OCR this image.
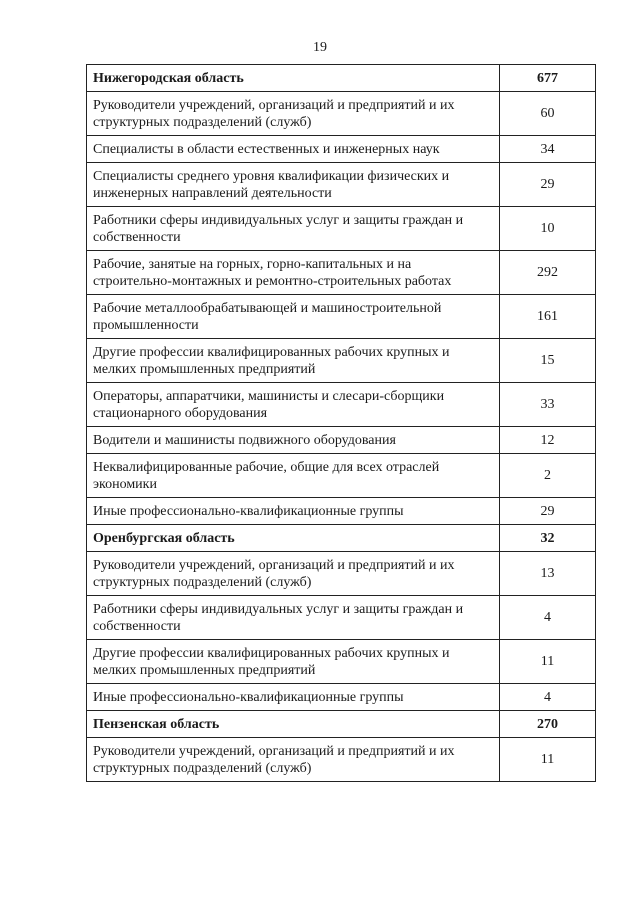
19
Нижегородская область	677
Руководители учреждений, организаций и предприятий и их структурных подразделений (служб)	60
Специалисты в области естественных и инженерных наук	34
Специалисты среднего уровня квалификации физических и инженерных направлений деятельности	29
Работники сферы индивидуальных услуг и защиты граждан и собственности	10
Рабочие, занятые на горных, горно-капитальных и на строительно-монтажных и ремонтно-строительных работах	292
Рабочие металлообрабатывающей и машиностроительной промышленности	161
Другие профессии квалифицированных рабочих крупных и мелких промышленных предприятий	15
Операторы, аппаратчики, машинисты и слесари-сборщики стационарного оборудования	33
Водители и машинисты подвижного оборудования	12
Неквалифицированные рабочие, общие для всех отраслей экономики	2
Иные профессионально-квалификационные группы	29
Оренбургская область	32
Руководители учреждений, организаций и предприятий и их структурных подразделений (служб)	13
Работники сферы индивидуальных услуг и защиты граждан и собственности	4
Другие профессии квалифицированных рабочих крупных и мелких промышленных предприятий	11
Иные профессионально-квалификационные группы	4
Пензенская область	270
Руководители учреждений, организаций и предприятий и их структурных подразделений (служб)	11
